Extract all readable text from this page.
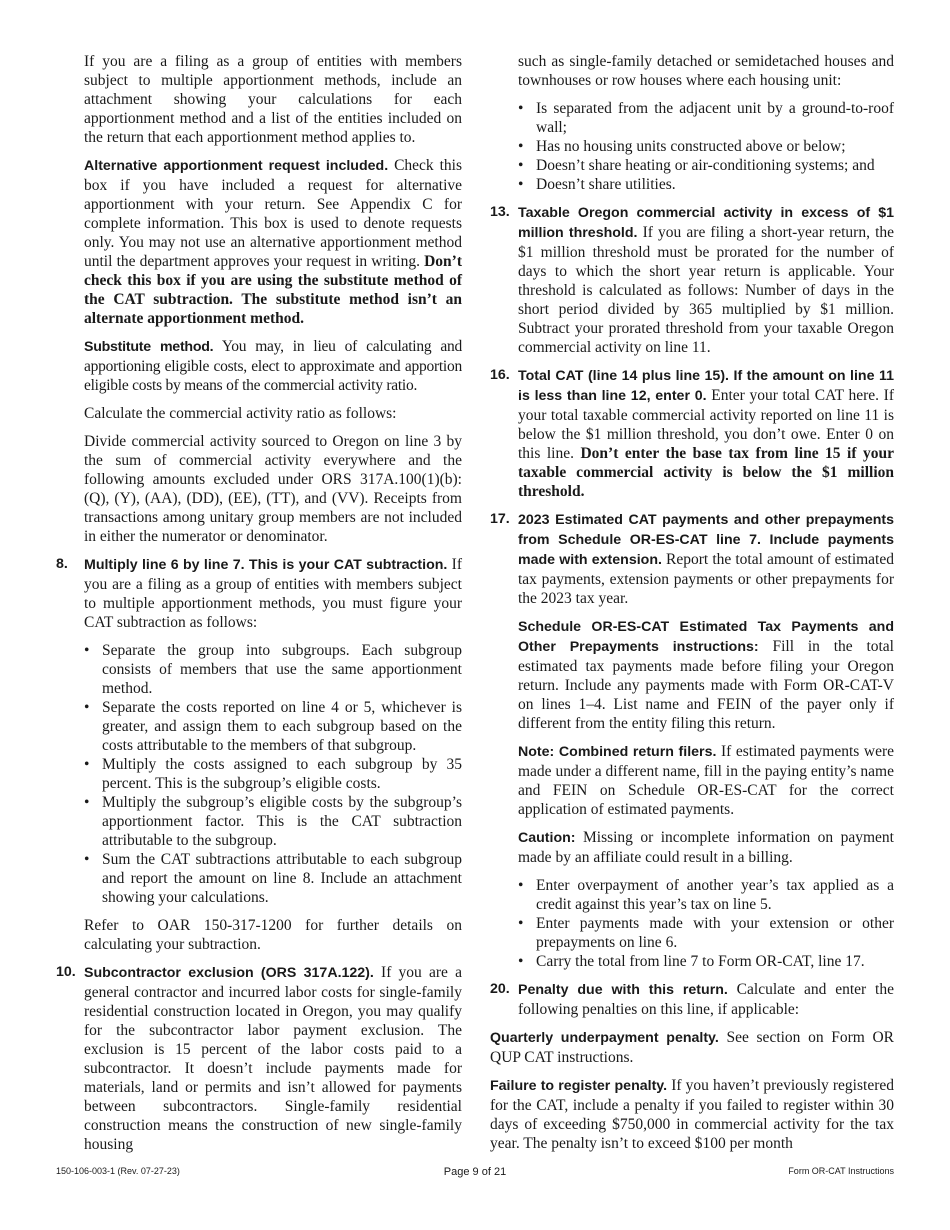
If you are a filing as a group of entities with members subject to multiple apportionment methods, include an attachment showing your calculations for each apportionment method and a list of the entities included on the return that each apportionment method applies to.

Alternative apportionment request included. Check this box if you have included a request for alternative apportionment with your return. See Appendix C for complete information. This box is used to denote requests only. You may not use an alternative apportionment method until the department approves your request in writing. Don’t check this box if you are using the substitute method of the CAT subtraction. The substitute method isn’t an alternate apportionment method.

Substitute method. You may, in lieu of calculating and apportioning eligible costs, elect to approximate and apportion eligible costs by means of the commercial activity ratio.

Calculate the commercial activity ratio as follows:

Divide commercial activity sourced to Oregon on line 3 by the sum of commercial activity everywhere and the following amounts excluded under ORS 317A.100(1)(b): (Q), (Y), (AA), (DD), (EE), (TT), and (VV). Receipts from transactions among unitary group members are not included in either the numerator or denominator.

8. Multiply line 6 by line 7. This is your CAT subtraction. If you are a filing as a group of entities with members subject to multiple apportionment methods, you must figure your CAT subtraction as follows:
• Separate the group into subgroups. Each subgroup consists of members that use the same apportionment method.
• Separate the costs reported on line 4 or 5, whichever is greater, and assign them to each subgroup based on the costs attributable to the members of that subgroup.
• Multiply the costs assigned to each subgroup by 35 percent. This is the subgroup’s eligible costs.
• Multiply the subgroup’s eligible costs by the subgroup’s apportionment factor. This is the CAT subtraction attributable to the subgroup.
• Sum the CAT subtractions attributable to each subgroup and report the amount on line 8. Include an attachment showing your calculations.

Refer to OAR 150-317-1200 for further details on calculating your subtraction.

10. Subcontractor exclusion (ORS 317A.122). If you are a general contractor and incurred labor costs for single-family residential construction located in Oregon, you may qualify for the subcontractor labor payment exclusion. The exclusion is 15 percent of the labor costs paid to a subcontractor. It doesn’t include payments made for materials, land or permits and isn’t allowed for payments between subcontractors. Single-family residential construction means the construction of new single-family housing

such as single-family detached or semidetached houses and townhouses or row houses where each housing unit:

• Is separated from the adjacent unit by a ground-to-roof wall;
• Has no housing units constructed above or below;
• Doesn’t share heating or air-conditioning systems; and
• Doesn’t share utilities.
13. Taxable Oregon commercial activity in excess of $1 million threshold. If you are filing a short-year return, the $1 million threshold must be prorated for the number of days to which the short year return is applicable. Your threshold is calculated as follows: Number of days in the short period divided by 365 multiplied by $1 million. Subtract your prorated threshold from your taxable Oregon commercial activity on line 11.
16. Total CAT (line 14 plus line 15). If the amount on line 11 is less than line 12, enter 0. Enter your total CAT here. If your total taxable commercial activity reported on line 11 is below the $1 million threshold, you don’t owe. Enter 0 on this line. Don’t enter the base tax from line 15 if your taxable commercial activity is below the $1 million threshold.
17. 2023 Estimated CAT payments and other prepayments from Schedule OR-ES-CAT line 7. Include payments made with extension. Report the total amount of estimated tax payments, extension payments or other prepayments for the 2023 tax year.

Schedule OR-ES-CAT Estimated Tax Payments and Other Prepayments instructions: Fill in the total estimated tax payments made before filing your Oregon return. Include any payments made with Form OR-CAT-V on lines 1–4. List name and FEIN of the payer only if different from the entity filing this return.

Note: Combined return filers. If estimated payments were made under a different name, fill in the paying entity’s name and FEIN on Schedule OR-ES-CAT for the correct application of estimated payments.

Caution: Missing or incomplete information on payment made by an affiliate could result in a billing.

• Enter overpayment of another year’s tax applied as a credit against this year’s tax on line 5.
• Enter payments made with your extension or other prepayments on line 6.
• Carry the total from line 7 to Form OR-CAT, line 17.
20. Penalty due with this return. Calculate and enter the following penalties on this line, if applicable:

Quarterly underpayment penalty. See section on Form OR QUP CAT instructions.

Failure to register penalty. If you haven’t previously registered for the CAT, include a penalty if you failed to register within 30 days of exceeding $750,000 in commercial activity for the tax year. The penalty isn’t to exceed $100 per month

150-106-003-1 (Rev. 07-27-23)	Page 9 of 21	Form OR-CAT Instructions
